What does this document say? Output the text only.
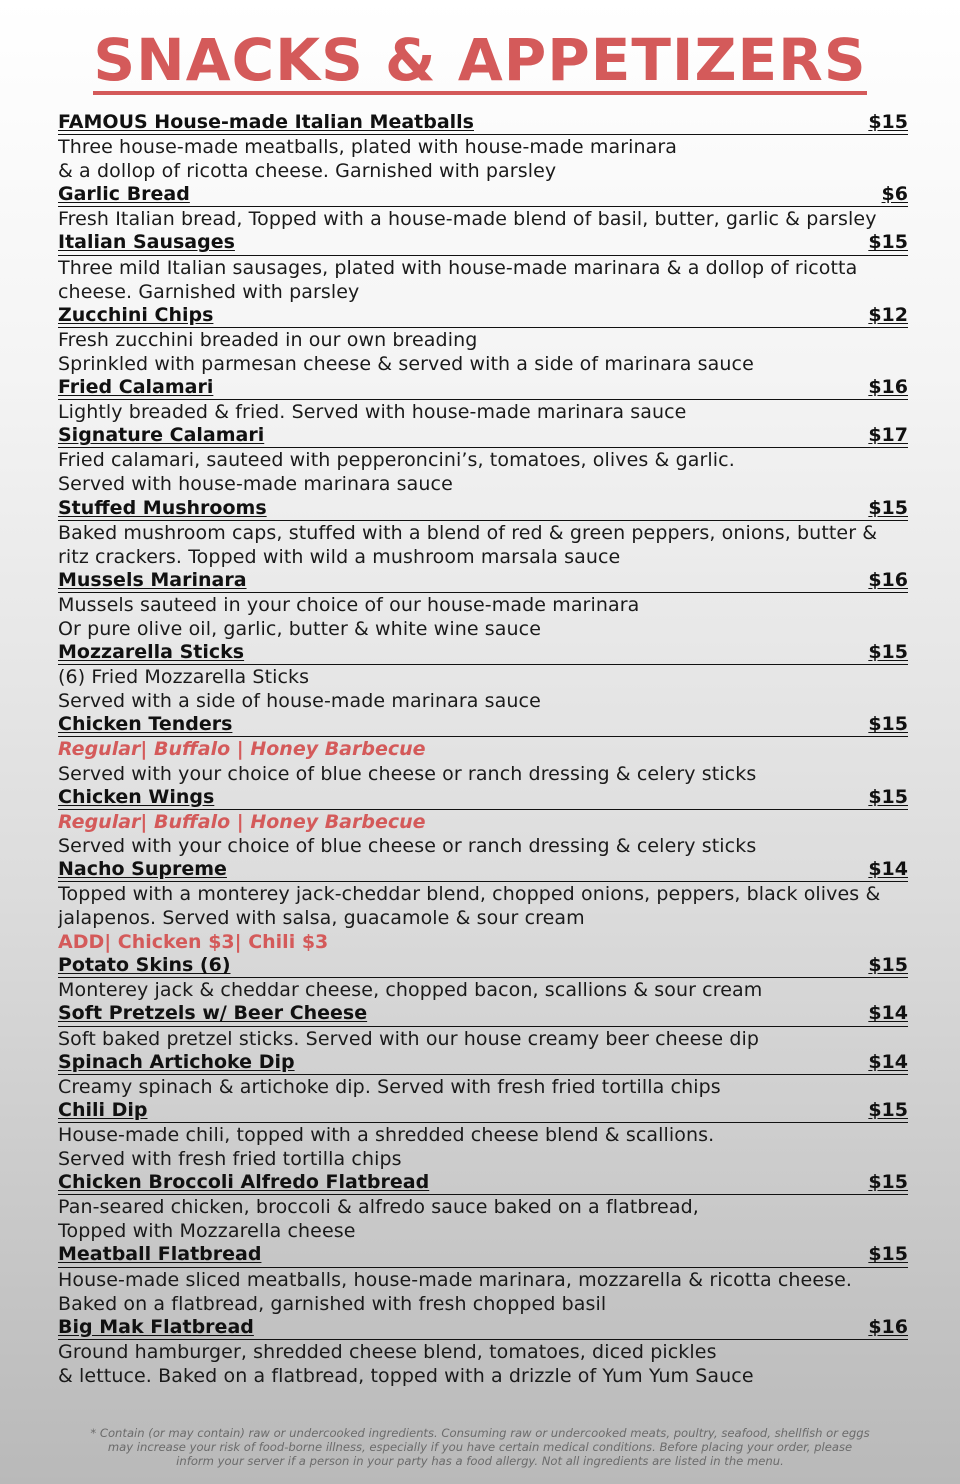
SNACKS & APPETIZERS
FAMOUS House-made Italian Meatballs	$15
Three house-made meatballs, plated with house-made marinara
& a dollop of ricotta cheese. Garnished with parsley
Garlic Bread	$6
Fresh Italian bread, Topped with a house-made blend of basil, butter, garlic & parsley
Italian Sausages	$15
Three mild Italian sausages, plated with house-made marinara & a dollop of ricotta
cheese. Garnished with parsley
Zucchini Chips	$12
Fresh zucchini breaded in our own breading
Sprinkled with parmesan cheese & served with a side of marinara sauce
Fried Calamari	$16
Lightly breaded & fried. Served with house-made marinara sauce
Signature Calamari	$17
Fried calamari, sauteed with pepperoncini’s, tomatoes, olives & garlic.
Served with house-made marinara sauce
Stuffed Mushrooms	$15
Baked mushroom caps, stuffed with a blend of red & green peppers, onions, butter &
ritz crackers. Topped with wild a mushroom marsala sauce
Mussels Marinara	$16
Mussels sauteed in your choice of our house-made marinara
Or pure olive oil, garlic, butter & white wine sauce
Mozzarella Sticks	$15
(6) Fried Mozzarella Sticks
Served with a side of house-made marinara sauce
Chicken Tenders	$15
Regular| Buffalo | Honey Barbecue
Served with your choice of blue cheese or ranch dressing & celery sticks
Chicken Wings	$15
Regular| Buffalo | Honey Barbecue
Served with your choice of blue cheese or ranch dressing & celery sticks
Nacho Supreme	$14
Topped with a monterey jack-cheddar blend, chopped onions, peppers, black olives &
jalapenos. Served with salsa, guacamole & sour cream
ADD| Chicken $3| Chili $3
Potato Skins (6)	$15
Monterey jack & cheddar cheese, chopped bacon, scallions & sour cream
Soft Pretzels w/ Beer Cheese	$14
Soft baked pretzel sticks. Served with our house creamy beer cheese dip
Spinach Artichoke Dip	$14
Creamy spinach & artichoke dip. Served with fresh fried tortilla chips
Chili Dip	$15
House-made chili, topped with a shredded cheese blend & scallions.
Served with fresh fried tortilla chips
Chicken Broccoli Alfredo Flatbread	$15
Pan-seared chicken, broccoli & alfredo sauce baked on a flatbread,
Topped with Mozzarella cheese
Meatball Flatbread	$15
House-made sliced meatballs, house-made marinara, mozzarella & ricotta cheese.
Baked on a flatbread, garnished with fresh chopped basil
Big Mak Flatbread	$16
Ground hamburger, shredded cheese blend, tomatoes, diced pickles
& lettuce. Baked on a flatbread, topped with a drizzle of Yum Yum Sauce
* Contain (or may contain) raw or undercooked ingredients. Consuming raw or undercooked meats, poultry, seafood, shellfish or eggs
may increase your risk of food-borne illness, especially if you have certain medical conditions. Before placing your order, please
inform your server if a person in your party has a food allergy. Not all ingredients are listed in the menu.
